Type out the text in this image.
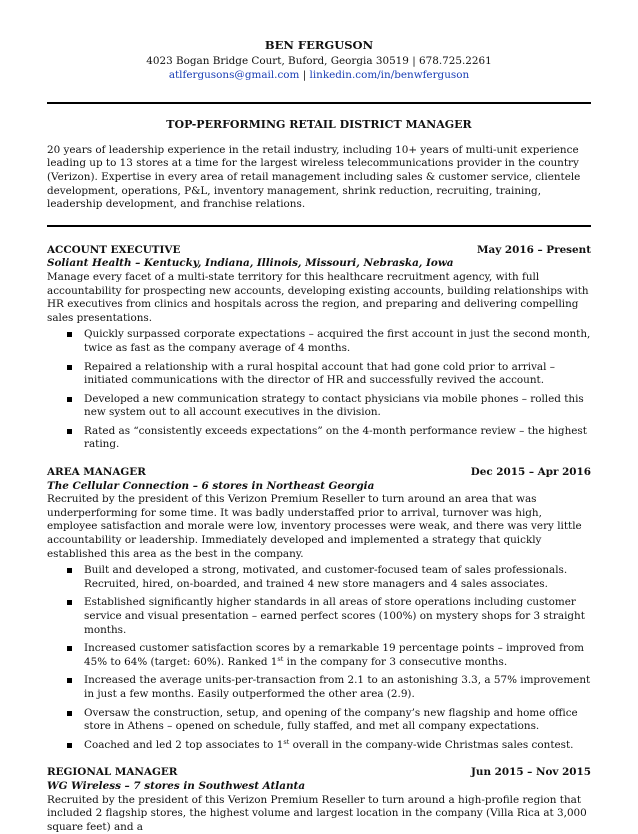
BEN FERGUSON

4023 Bogan Bridge Court, Buford, Georgia 30519 | 678.725.2261

atlfergusons@gmail.com | linkedin.com/in/benwferguson

TOP-PERFORMING RETAIL DISTRICT MANAGER

20 years of leadership experience in the retail industry, including 10+ years of multi-unit experience leading up to 13 stores at a time for the largest wireless telecommunications provider in the country (Verizon). Expertise in every area of retail management including sales & customer service, clientele development, operations, P&L, inventory management, shrink reduction, recruiting, training, leadership development, and franchise relations.

ACCOUNT EXECUTIVE	May 2016 – Present
Soliant Health – Kentucky, Indiana, Illinois, Missouri, Nebraska, Iowa

Manage every facet of a multi-state territory for this healthcare recruitment agency, with full accountability for prospecting new accounts, developing existing accounts, building relationships with HR executives from clinics and hospitals across the region, and preparing and delivering compelling sales presentations.

Quickly surpassed corporate expectations – acquired the first account in just the second month, twice as fast as the company average of 4 months.
Repaired a relationship with a rural hospital account that had gone cold prior to arrival – initiated communications with the director of HR and successfully revived the account.
Developed a new communication strategy to contact physicians via mobile phones – rolled this new system out to all account executives in the division.
Rated as “consistently exceeds expectations” on the 4-month performance review – the highest rating.
AREA MANAGER	Dec 2015 – Apr 2016
The Cellular Connection – 6 stores in Northeast Georgia

Recruited by the president of this Verizon Premium Reseller to turn around an area that was underperforming for some time. It was badly understaffed prior to arrival, turnover was high, employee satisfaction and morale were low, inventory processes were weak, and there was very little accountability or leadership. Immediately developed and implemented a strategy that quickly established this area as the best in the company.

Built and developed a strong, motivated, and customer-focused team of sales professionals. Recruited, hired, on-boarded, and trained 4 new store managers and 4 sales associates.
Established significantly higher standards in all areas of store operations including customer service and visual presentation – earned perfect scores (100%) on mystery shops for 3 straight months.
Increased customer satisfaction scores by a remarkable 19 percentage points – improved from 45% to 64% (target: 60%). Ranked 1st in the company for 3 consecutive months.
Increased the average units-per-transaction from 2.1 to an astonishing 3.3, a 57% improvement in just a few months. Easily outperformed the other area (2.9).
Oversaw the construction, setup, and opening of the company’s new flagship and home office store in Athens – opened on schedule, fully staffed, and met all company expectations.
Coached and led 2 top associates to 1st overall in the company-wide Christmas sales contest.
REGIONAL MANAGER	Jun 2015 – Nov 2015
WG Wireless – 7 stores in Southwest Atlanta

Recruited by the president of this Verizon Premium Reseller to turn around a high-profile region that included 2 flagship stores, the highest volume and largest location in the company (Villa Rica at 3,000 square feet) and a
